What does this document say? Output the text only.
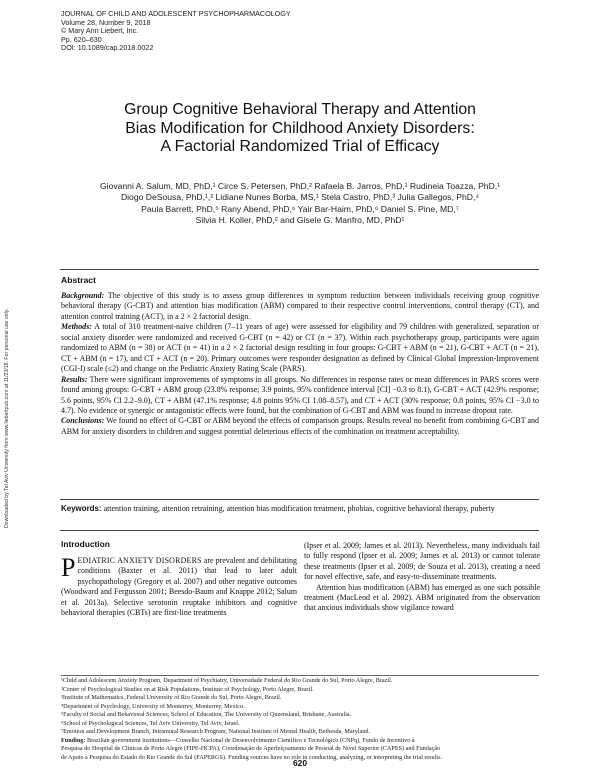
JOURNAL OF CHILD AND ADOLESCENT PSYCHOPHARMACOLOGY
Volume 28, Number 9, 2018
© Mary Ann Liebert, Inc.
Pp. 620–630
DOI: 10.1089/cap.2018.0022
Group Cognitive Behavioral Therapy and Attention
Bias Modification for Childhood Anxiety Disorders:
A Factorial Randomized Trial of Efficacy

Giovanni A. Salum, MD, PhD,¹ Circe S. Petersen, PhD,² Rafaela B. Jarros, PhD,¹ Rudineia Toazza, PhD,¹

Diogo DeSousa, PhD,¹,² Lidiane Nunes Borba, MS,¹ Stela Castro, PhD,³ Julia Gallegos, PhD,⁴

Paula Barrett, PhD,⁵ Rany Abend, PhD,⁶ Yair Bar-Haim, PhD,⁶ Daniel S. Pine, MD,⁷

Silvia H. Koller, PhD,² and Gisele G. Manfro, MD, PhD¹

Downloaded by Tel Aviv University from www.liebertpub.com at 11/23/18. For personal use only.
Abstract

Background: The objective of this study is to assess group differences in symptom reduction between individuals receiving group cognitive behavioral therapy (G-CBT) and attention bias modification (ABM) compared to their respective control interventions, control therapy (CT), and attention control training (ACT), in a 2 × 2 factorial design.

Methods: A total of 310 treatment-naive children (7–11 years of age) were assessed for eligibility and 79 children with generalized, separation or social anxiety disorder were randomized and received G-CBT (n = 42) or CT (n = 37). Within each psychotherapy group, participants were again randomized to ABM (n = 38) or ACT (n = 41) in a 2 × 2 factorial design resulting in four groups: G-CBT + ABM (n = 21), G-CBT + ACT (n = 21), CT + ABM (n = 17), and CT + ACT (n = 20). Primary outcomes were responder designation as defined by Clinical Global Impression-Improvement (CGI-I) scale (≤2) and change on the Pediatric Anxiety Rating Scale (PARS).

Results: There were significant improvements of symptoms in all groups. No differences in response rates or mean differences in PARS scores were found among groups: G-CBT + ABM group (23.8% response; 3.9 points, 95% confidence interval [CI] −0.3 to 8.1), G-CBT + ACT (42.9% response; 5.6 points, 95% CI 2.2–9.0), CT + ABM (47.1% response; 4.8 points 95% CI 1.08–8.57), and CT + ACT (30% response; 0.8 points, 95% CI −3.0 to 4.7). No evidence or synergic or antagonistic effects were found, but the combination of G-CBT and ABM was found to increase dropout rate.

Conclusions: We found no effect of G-CBT or ABM beyond the effects of comparison groups. Results reveal no benefit from combining G-CBT and ABM for anxiety disorders in children and suggest potential deleterious effects of the combination on treatment acceptability.

Keywords: attention training, attention retraining, attention bias modification treatment, phobias, cognitive behavioral therapy, puberty
Introduction

PEDIATRIC ANXIETY DISORDERS are prevalent and debilitating conditions (Baxter et al. 2011) that lead to later adult psychopathology (Gregory et al. 2007) and other negative outcomes (Woodward and Fergusson 2001; Beesdo-Baum and Knappe 2012; Salum et al. 2013a). Selective serotonin reuptake inhibitors and cognitive behavioral therapies (CBTs) are first-line treatments

(Ipser et al. 2009; James et al. 2013). Nevertheless, many individuals fail to fully respond (Ipser et al. 2009; James et al. 2013) or cannot tolerate these treatments (Ipser et al. 2009; de Souza et al. 2013), creating a need for novel effective, safe, and easy-to-disseminate treatments.

Attention bias modification (ABM) has emerged as one such possible treatment (MacLeod et al. 2002). ABM originated from the observation that anxious individuals show vigilance toward

¹Child and Adolescent Anxiety Program, Department of Psychiatry, Universidade Federal do Rio Grande do Sul, Porto Alegre, Brazil.
²Center of Psychological Studies on at Risk Populations, Institute of Psychology, Porto Alegre, Brazil.
³Institute of Mathematics, Federal University of Rio Grande do Sul, Porto Alegre, Brazil.
⁴Department of Psychology, University of Monterrey, Monterrey, Mexico.
⁵Faculty of Social and Behavioral Sciences, School of Education, The University of Queensland, Brisbane, Australia.
⁶School of Psychological Sciences, Tel Aviv University, Tel Aviv, Israel.
⁷Emotion and Development Branch, Intramural Research Program, National Institute of Mental Health, Bethesda, Maryland.
Funding: Brazilian government institutions—Conselho Nacional de Desenvolvimento Científico e Tecnológico (CNPq), Fundo de Incentivo à
Pesquisa do Hospital de Clínicas de Porto Alegre (FIPE-HCPA), Coordenação de Aperfeiçoamento de Pessoal de Nível Superior (CAPES) and Fundação
de Apoio à Pesquisa do Estado do Rio Grande do Sul (FAPERGS). Funding sources have no role in conducting, analyzing, or interpreting the trial results.
620
